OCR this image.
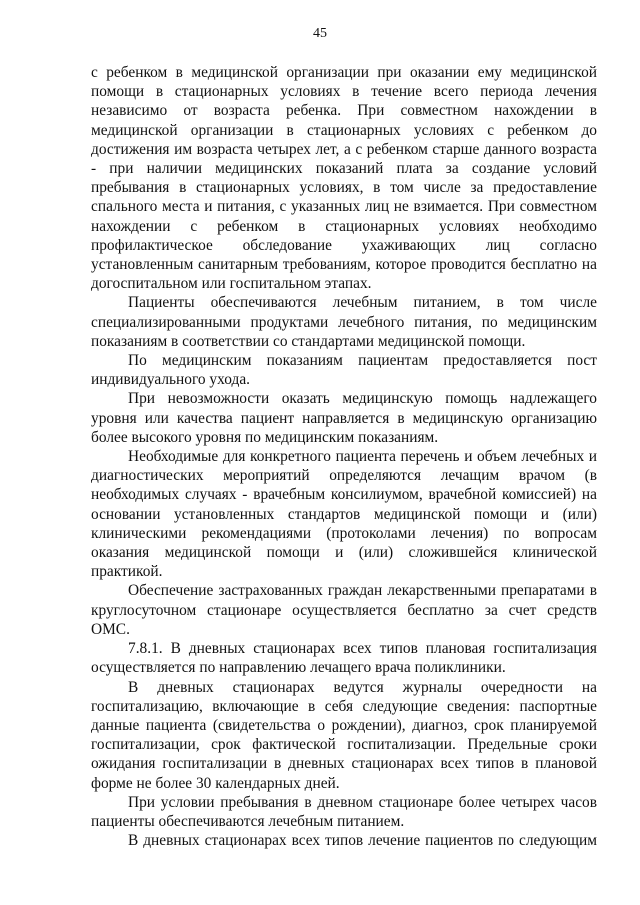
45

с ребенком в медицинской организации при оказании ему медицинской помощи в стационарных условиях в течение всего периода лечения независимо от возраста ребенка. При совместном нахождении в медицинской организации в стационарных условиях с ребенком до достижения им возраста четырех лет, а с ребенком старше данного возраста - при наличии медицинских показаний плата за создание условий пребывания в стационарных условиях, в том числе за предоставление спального места и питания, с указанных лиц не взимается. При совместном нахождении с ребенком в стационарных условиях необходимо профилактическое обследование ухаживающих лиц согласно установленным санитарным требованиям, которое проводится бесплатно на догоспитальном или госпитальном этапах.

Пациенты обеспечиваются лечебным питанием, в том числе специализированными продуктами лечебного питания, по медицинским показаниям в соответствии со стандартами медицинской помощи.

По медицинским показаниям пациентам предоставляется пост индивидуального ухода.

При невозможности оказать медицинскую помощь надлежащего уровня или качества пациент направляется в медицинскую организацию более высокого уровня по медицинским показаниям.

Необходимые для конкретного пациента перечень и объем лечебных и диагностических мероприятий определяются лечащим врачом (в необходимых случаях - врачебным консилиумом, врачебной комиссией) на основании установленных стандартов медицинской помощи и (или) клиническими рекомендациями (протоколами лечения) по вопросам оказания медицинской помощи и (или) сложившейся клинической практикой.

Обеспечение застрахованных граждан лекарственными препаратами в круглосуточном стационаре осуществляется бесплатно за счет средств ОМС.

7.8.1. В дневных стационарах всех типов плановая госпитализация осуществляется по направлению лечащего врача поликлиники.

В дневных стационарах ведутся журналы очередности на госпитализацию, включающие в себя следующие сведения: паспортные данные пациента (свидетельства о рождении), диагноз, срок планируемой госпитализации, срок фактической госпитализации. Предельные сроки ожидания госпитализации в дневных стационарах всех типов в плановой форме не более 30 календарных дней.

При условии пребывания в дневном стационаре более четырех часов пациенты обеспечиваются лечебным питанием.

В дневных стационарах всех типов лечение пациентов по следующим
